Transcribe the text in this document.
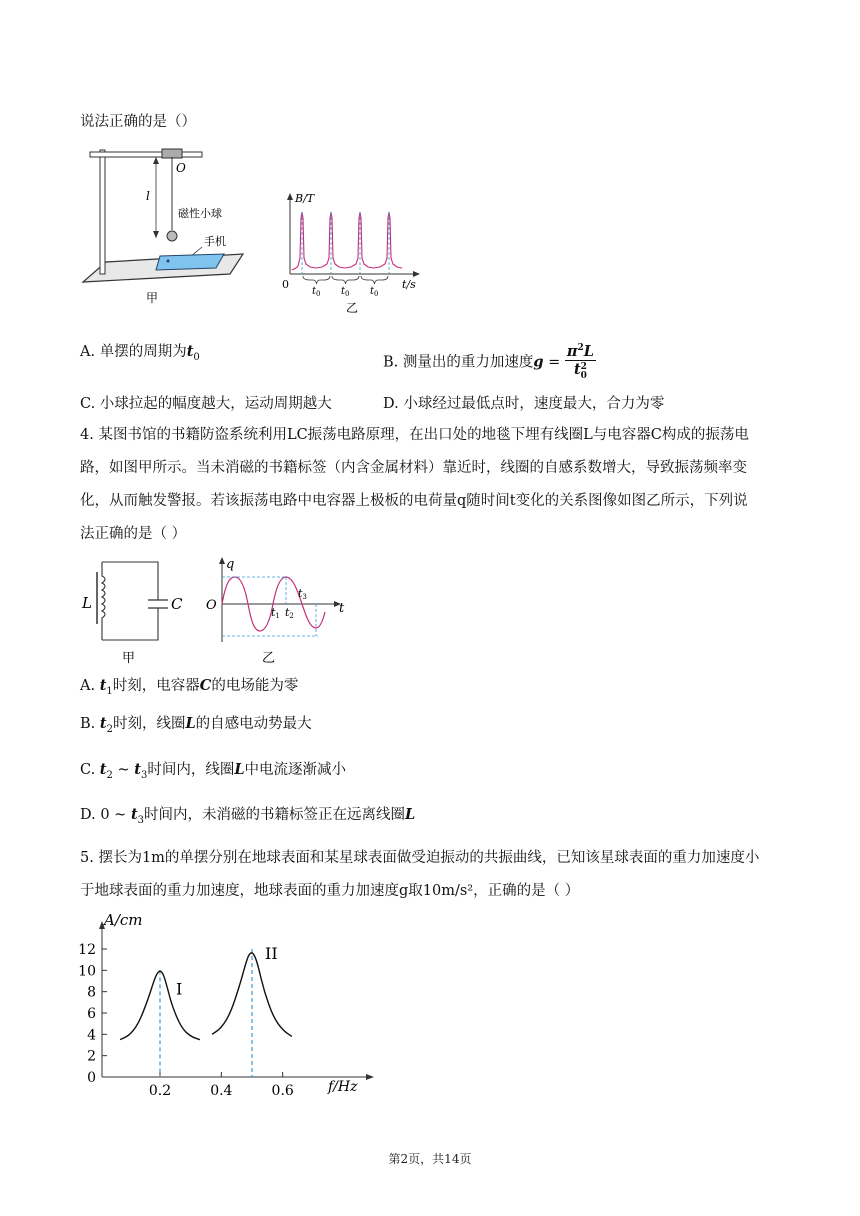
说法正确的是（）
O
l
磁性小球
手机
甲
B/T
0	t/s
$t_0$ $t_0$ $t_0$
乙
A. 单摆的周期为$t_0$	B. 测量出的重力加速度$g = \pi^2L$
t 2
0
C. 小球拉起的幅度越大，运动周期越大	D. 小球经过最低点时，速度最大，合力为零
4. 某图书馆的书籍防盗系统利用LC振荡电路原理，在出口处的地毯下埋有线圈L与电容器C构成的振荡电
路，如图甲所示。当未消磁的书籍标签（内含金属材料）靠近时，线圈的自感系数增大，导致振荡频率变
化，从而触发警报。若该振荡电路中电容器上极板的电荷量q随时间t变化的关系图像如图乙所示，下列说
法正确的是（ ）
L	C
甲
q
O	t
t1 t2
t3
乙
A. $t_1$时刻，电容器C的电场能为零
B. $t_2$时刻，线圈L的自感电动势最大
C. $t_2$ ~ $t_3$时间内，线圈L中电流逐渐减小
D. 0 ~ $t_3$时间内，未消磁的书籍标签正在远离线圈L
5. 摆长为1m的单摆分别在地球表面和某星球表面做受迫振动的共振曲线，已知该星球表面的重力加速度小
于地球表面的重力加速度，地球表面的重力加速度g取10m/s²，正确的是（ ）
0
2
4
6
8
10
12
0.2	0.4	0.6
I
II
A/cm
f/Hz
第2页，共14页
